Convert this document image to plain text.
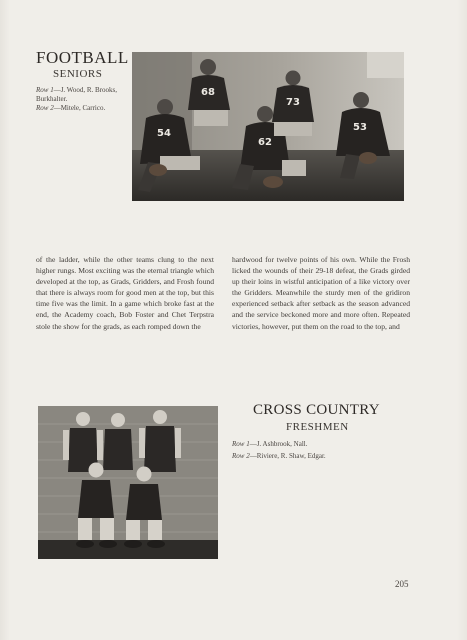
FOOTBALL
SENIORS
Row 1—J. Wood, R. Brooks, Burkhalter.
Row 2—Mitele, Carrico.
54
68
62
73
53
of the ladder, while the other teams clung to the next higher rungs. Most exciting was the eternal triangle which developed at the top, as Grads, Gridders, and Frosh found that there is always room for good men at the top, but this time five was the limit. In a game which broke fast at the end, the Academy coach, Bob Foster and Chet Terpstra stole the show for the grads, as each romped down the
hardwood for twelve points of his own. While the Frosh licked the wounds of their 29-18 defeat, the Grads girded up their loins in wistful anticipation of a like victory over the Gridders. Meanwhile the sturdy men of the gridiron experienced setback after setback as the season advanced and the service beckoned more and more often. Repeated victories, however, put them on the road to the top, and
CROSS COUNTRY
FRESHMEN
Row 1—J. Ashbrook, Nall.
Row 2—Riviere, R. Shaw, Edgar.
205
